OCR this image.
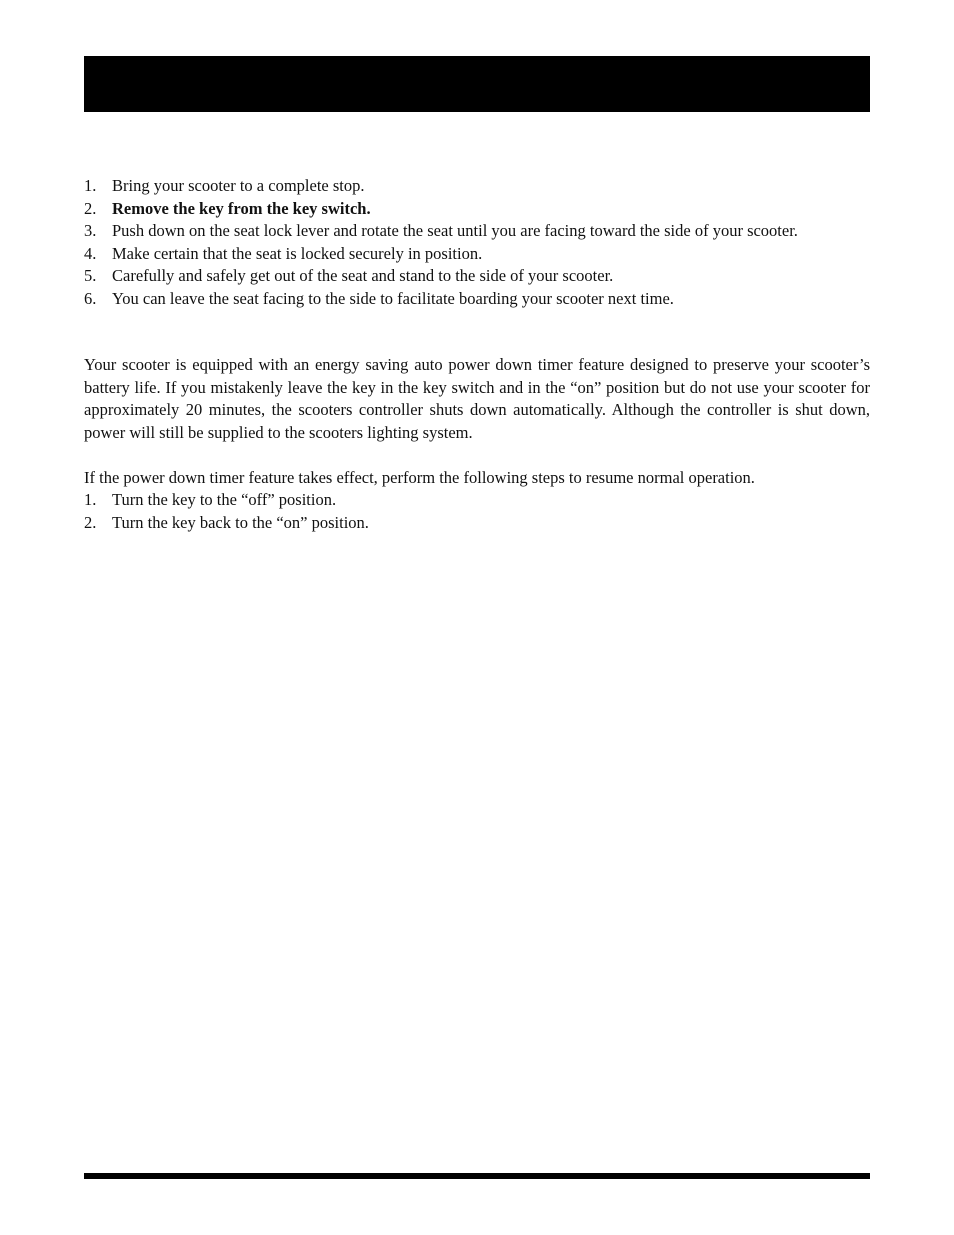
1. Bring your scooter to a complete stop.
2. Remove the key from the key switch.
3. Push down on the seat lock lever and rotate the seat until you are facing toward the side of your scooter.
4. Make certain that the seat is locked securely in position.
5. Carefully and safely get out of the seat and stand to the side of your scooter.
6. You can leave the seat facing to the side to facilitate boarding your scooter next time.

Your scooter is equipped with an energy saving auto power down timer feature designed to preserve your scooter’s battery life. If you mistakenly leave the key in the key switch and in the “on” position but do not use your scooter for approximately 20 minutes, the scooters controller shuts down automatically. Although the controller is shut down, power will still be supplied to the scooters lighting system.

If the power down timer feature takes effect, perform the following steps to resume normal operation.

1. Turn the key to the “off” position.
2. Turn the key back to the “on” position.
